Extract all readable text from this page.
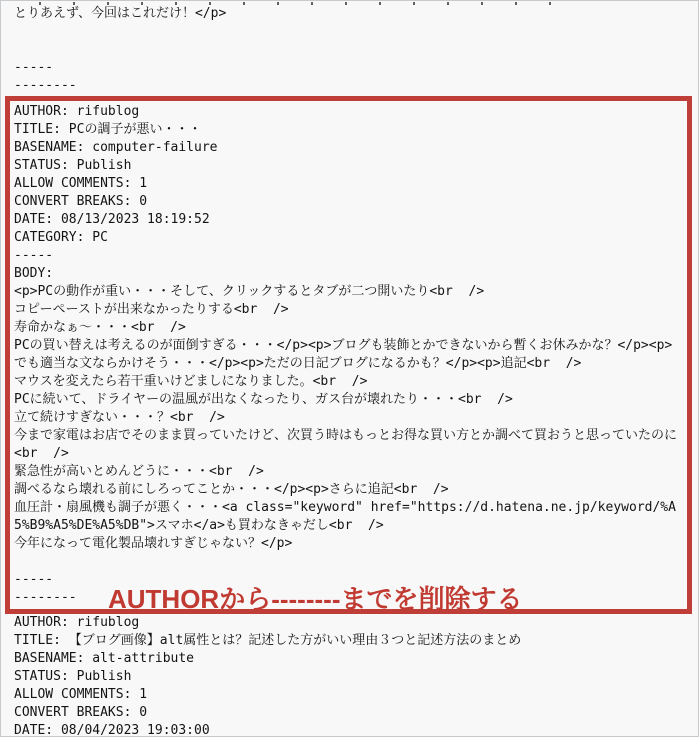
とりあえず、今回はこれだけ！</p>
-----
--------
AUTHOR: rifublog
TITLE: PCの調子が悪い・・・
BASENAME: computer-failure
STATUS: Publish
ALLOW COMMENTS: 1
CONVERT BREAKS: 0
DATE: 08/13/2023 18:19:52
CATEGORY: PC
-----
BODY:
<p>PCの動作が重い・・・そして、クリックするとタブが二つ開いたり<br  />
コピーペーストが出来なかったりする<br  />
寿命かなぁ～・・・<br  />
PCの買い替えは考えるのが面倒すぎる・・・</p><p>ブログも装飾とかできないから暫くお休みかな？</p><p>でも適当な文ならかけそう・・・</p><p>ただの日記ブログになるかも？</p><p>追記<br  />
マウスを変えたら若干重いけどましになりました。<br  />
PCに続いて、ドライヤーの温風が出なくなったり、ガス台が壊れたり・・・<br  />
立て続けすぎない・・・？<br  />
今まで家電はお店でそのまま買っていたけど、次買う時はもっとお得な買い方とか調べて買おうと思っていたのに<br  />
緊急性が高いとめんどうに・・・<br  />
調べるなら壊れる前にしろってことか・・・</p><p>さらに追記<br  />
血圧計・扇風機も調子が悪く・・・<a class="keyword" href="https://d.hatena.ne.jp/keyword/%A5%B9%A5%DE%A5%DB">スマホ</a>も買わなきゃだし<br  />
今年になって電化製品壊れすぎじゃない？</p>
-----
--------	AUTHORから--------までを削除する
AUTHOR: rifublog
TITLE: 【ブログ画像】alt属性とは？記述した方がいい理由３つと記述方法のまとめ
BASENAME: alt-attribute
STATUS: Publish
ALLOW COMMENTS: 1
CONVERT BREAKS: 0
DATE: 08/04/2023 19:03:00
